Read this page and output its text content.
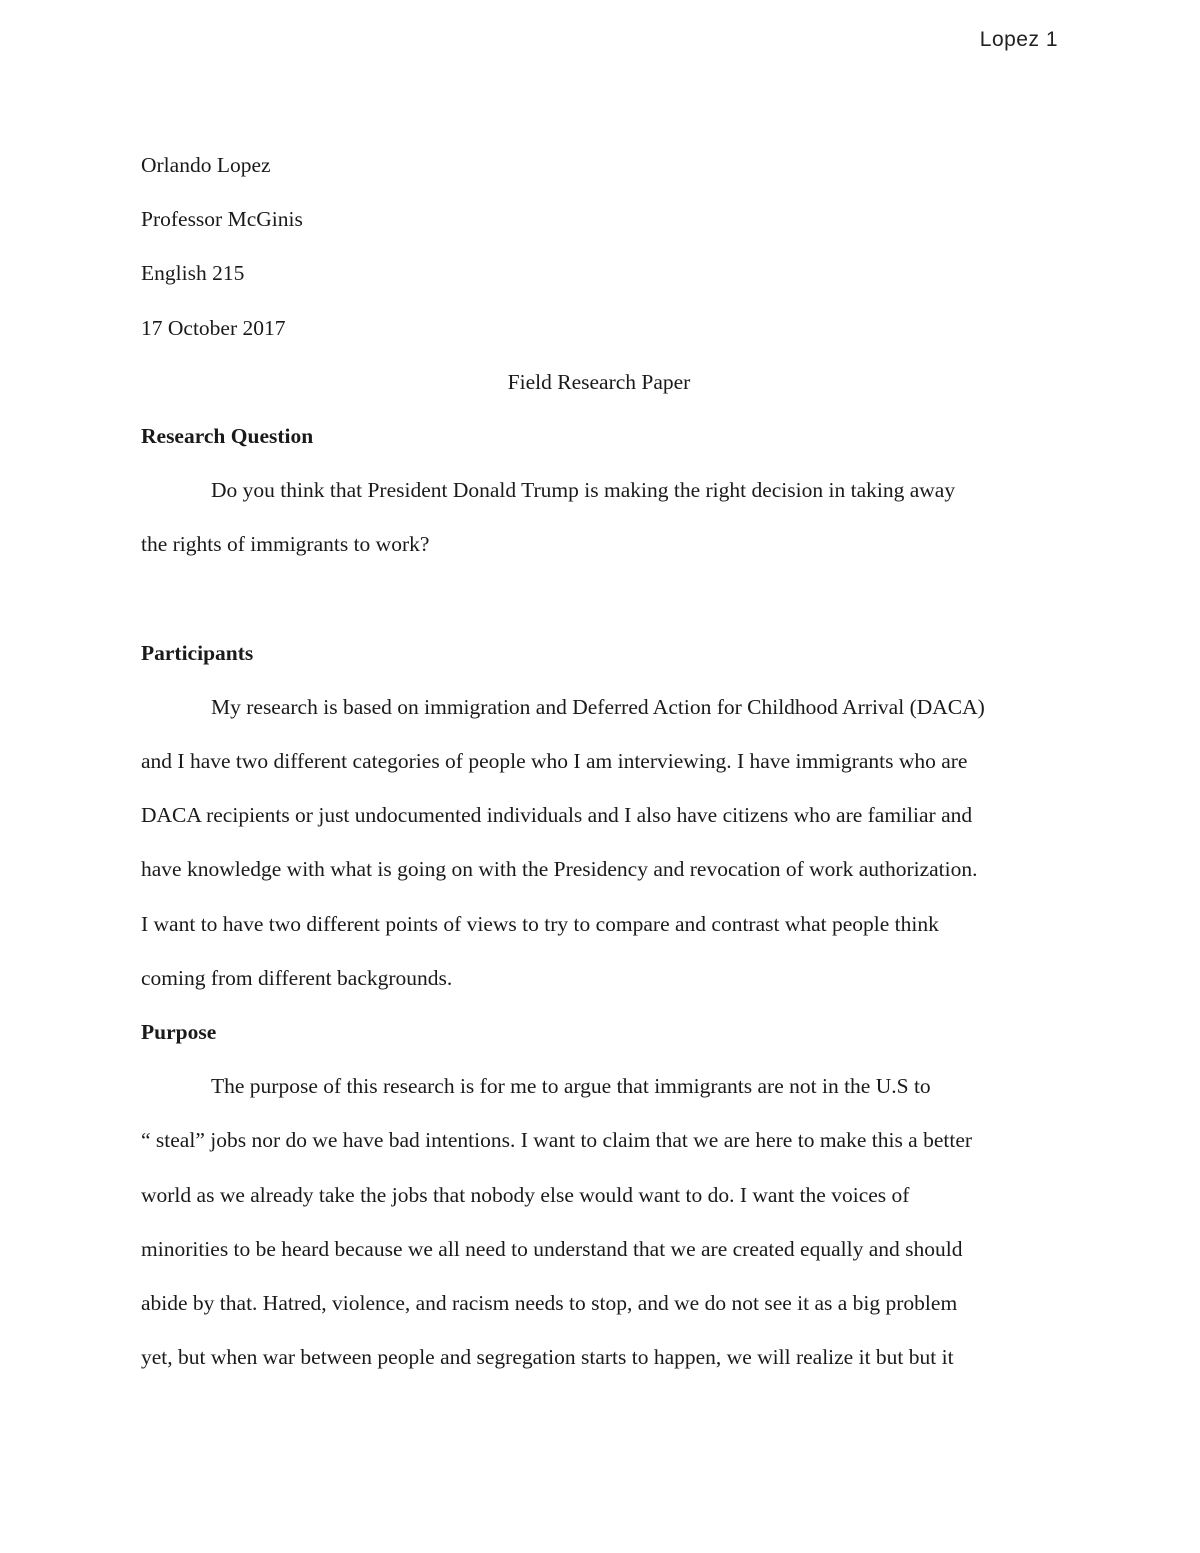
Lopez 1
Orlando Lopez
Professor McGinis
English 215
17 October 2017
Field Research Paper
Research Question
Do you think that President Donald Trump is making the right decision in taking away
the rights of immigrants to work?
Participants
My research is based on immigration and Deferred Action for Childhood Arrival (DACA)
and I have two different categories of people who I am interviewing. I have immigrants who are
DACA recipients or just undocumented individuals and I also have citizens who are familiar and
have knowledge with what is going on with the Presidency and revocation of work authorization.
I want to have two different points of views to try to compare and contrast what people think
coming from different backgrounds.
Purpose
The purpose of this research is for me to argue that immigrants are not in the U.S to
“ steal” jobs nor do we have bad intentions. I want to claim that we are here to make this a better
world as we already take the jobs that nobody else would want to do. I want the voices of
minorities to be heard because we all need to understand that we are created equally and should
abide by that. Hatred, violence, and racism needs to stop, and we do not see it as a big problem
yet, but when war between people and segregation starts to happen, we will realize it but but it
